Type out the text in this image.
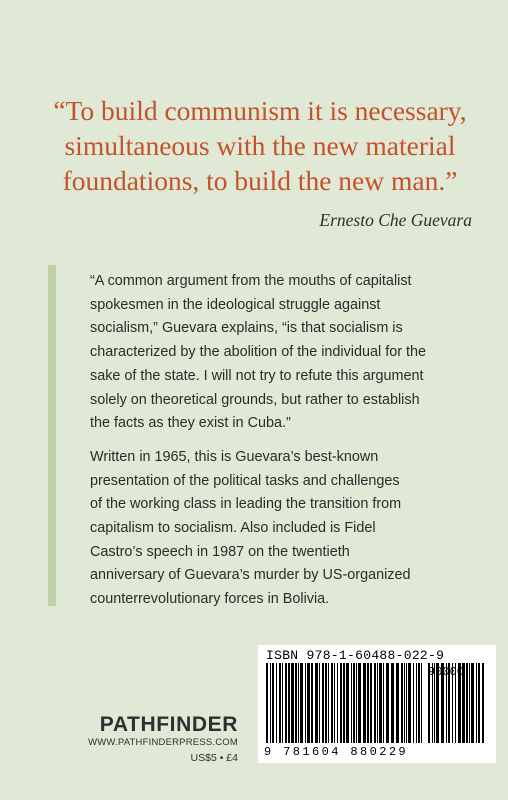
“To build communism it is necessary,
simultaneous with the new material
foundations, to build the new man.”
Ernesto Che Guevara
“A common argument from the mouths of capitalist
spokesmen in the ideological struggle against
socialism,” Guevara explains, “is that socialism is
characterized by the abolition of the individual for the
sake of the state. I will not try to refute this argument
solely on theoretical grounds, but rather to establish
the facts as they exist in Cuba.”
Written in 1965, this is Guevara’s best-known
presentation of the political tasks and challenges
of the working class in leading the transition from
capitalism to socialism. Also included is Fidel
Castro’s speech in 1987 on the twentieth
anniversary of Guevara’s murder by US-organized
counterrevolutionary forces in Bolivia.
PATHFINDER
WWW.PATHFINDERPRESS.COM
US$5 • £4
ISBN 978-1-60488-022-9
90000
9 781604 880229
